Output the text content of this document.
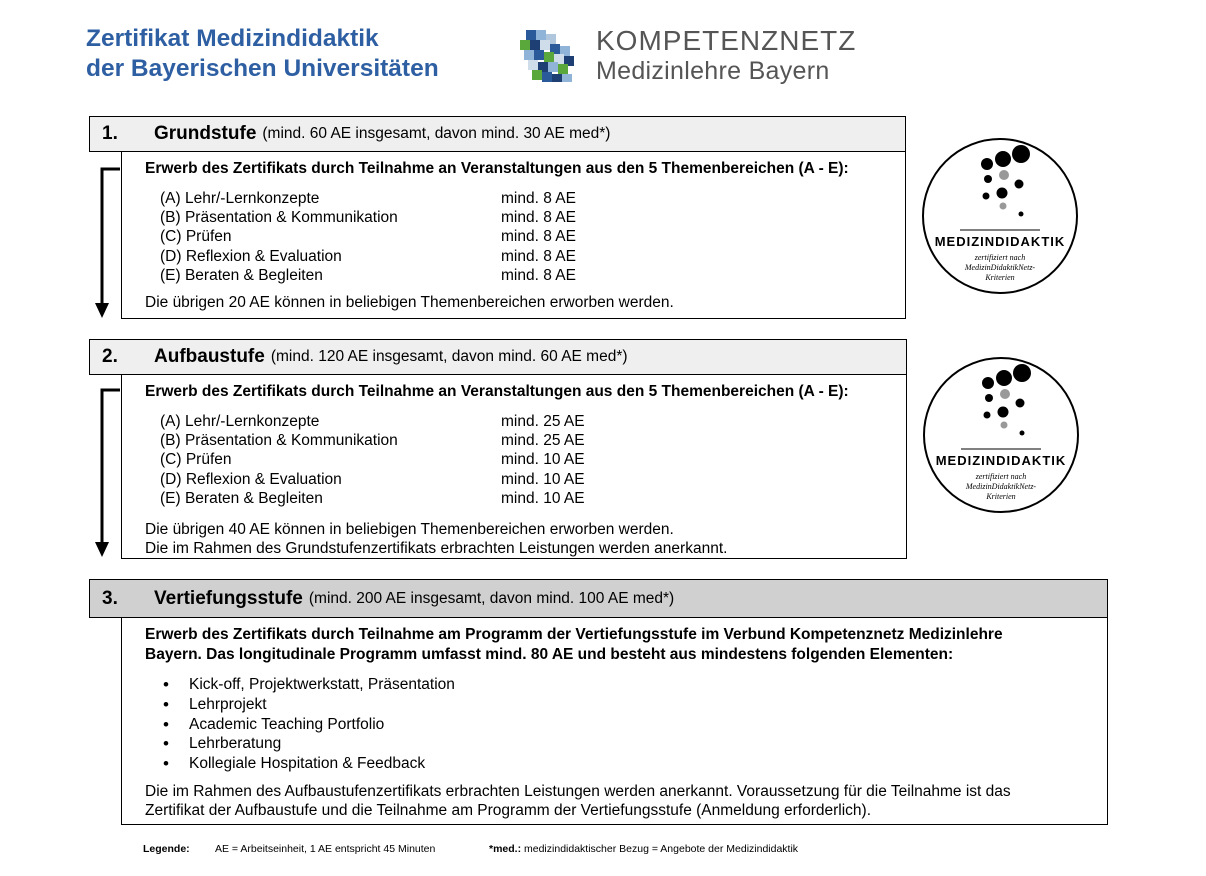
Zertifikat Medizindidaktik
der Bayerischen Universitäten
KOMPETENZNETZ
Medizinlehre Bayern
1.	Grundstufe (mind. 60 AE insgesamt, davon mind. 30 AE med*)
Erwerb des Zertifikats durch Teilnahme an Veranstaltungen aus den 5 Themenbereichen (A - E):
(A) Lehr/-Lernkonzepte	mind. 8 AE
(B) Präsentation & Kommunikation	mind. 8 AE
(C) Prüfen	mind. 8 AE
(D) Reflexion & Evaluation	mind. 8 AE
(E) Beraten & Begleiten	mind. 8 AE
Die übrigen 20 AE können in beliebigen Themenbereichen erworben werden.
2.	Aufbaustufe (mind. 120 AE insgesamt, davon mind. 60 AE med*)
Erwerb des Zertifikats durch Teilnahme an Veranstaltungen aus den 5 Themenbereichen (A - E):
(A) Lehr/-Lernkonzepte	mind. 25 AE
(B) Präsentation & Kommunikation	mind. 25 AE
(C) Prüfen	mind. 10 AE
(D) Reflexion & Evaluation	mind. 10 AE
(E) Beraten & Begleiten	mind. 10 AE
Die übrigen 40 AE können in beliebigen Themenbereichen erworben werden.
Die im Rahmen des Grundstufenzertifikats erbrachten Leistungen werden anerkannt.
3.	Vertiefungsstufe (mind. 200 AE insgesamt, davon mind. 100 AE med*)
Erwerb des Zertifikats durch Teilnahme am Programm der Vertiefungsstufe im Verbund Kompetenznetz Medizinlehre
Bayern. Das longitudinale Programm umfasst mind. 80 AE und besteht aus mindestens folgenden Elementen:
• Kick-off, Projektwerkstatt, Präsentation
• Lehrprojekt
• Academic Teaching Portfolio
• Lehrberatung
• Kollegiale Hospitation & Feedback
Die im Rahmen des Aufbaustufenzertifikats erbrachten Leistungen werden anerkannt. Voraussetzung für die Teilnahme ist das
Zertifikat der Aufbaustufe und die Teilnahme am Programm der Vertiefungsstufe (Anmeldung erforderlich).
MEDIZINDIDAKTIK
zertifiziert nach
MedizinDidaktikNetz-
Kriterien
MEDIZINDIDAKTIK
zertifiziert nach
MedizinDidaktikNetz-
Kriterien
Legende:	AE = Arbeitseinheit, 1 AE entspricht 45 Minuten	*med.: medizindidaktischer Bezug = Angebote der Medizindidaktik
